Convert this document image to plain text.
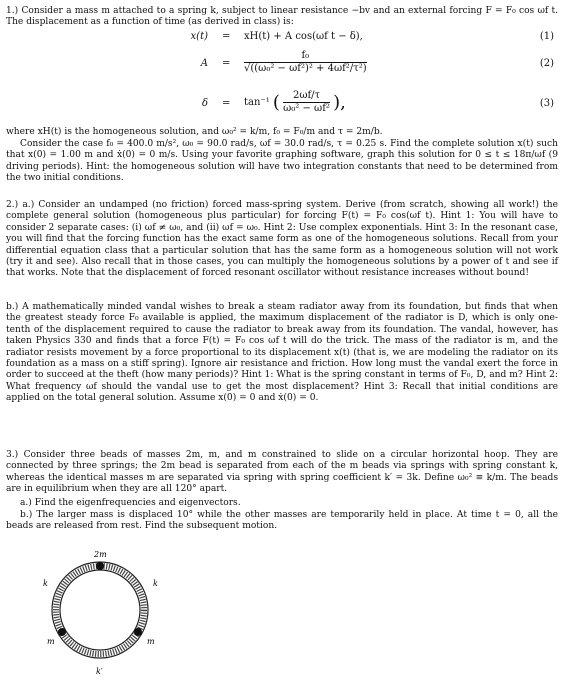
1.) Consider a mass m attached to a spring k, subject to linear resistance −bv and an external forcing F = F₀ cos ωf t. The displacement as a function of time (as derived in class) is:

x(t) = xH(t) + A cos(ωf t − δ),	(1)
$A = \frac{\text{f₀}}{\text{√((ω₀² − ωf²)² + 4ωf²/τ²)}}$	(2)
δ = tan⁻¹ ( $\frac{2\omega f/\tau}{\text{ω₀² − ωf²}}$ ),	(3)

where xH(t) is the homogeneous solution, and ω₀² = k/m, f₀ = F₀/m and τ = 2m/b.

Consider the case f₀ = 400.0 m/s², ω₀ = 90.0 rad/s, ωf = 30.0 rad/s, τ = 0.25 s. Find the complete solution x(t) such that x(0) = 1.00 m and ẋ(0) = 0 m/s. Using your favorite graphing software, graph this solution for 0 ≤ t ≤ 18π/ωf (9 driving periods). Hint: the homogeneous solution will have two integration constants that need to be determined from the two initial conditions.

2.) a.) Consider an undamped (no friction) forced mass-spring system. Derive (from scratch, showing all work!) the complete general solution (homogeneous plus particular) for forcing F(t) = F₀ cos(ωf t). Hint 1: You will have to consider 2 separate cases: (i) ωf ≠ ω₀, and (ii) ωf = ω₀. Hint 2: Use complex exponentials. Hint 3: In the resonant case, you will find that the forcing function has the exact same form as one of the homogeneous solutions. Recall from your differential equation class that a particular solution that has the same form as a homogeneous solution will not work (try it and see). Also recall that in those cases, you can multiply the homogeneous solutions by a power of t and see if that works. Note that the displacement of forced resonant oscillator without resistance increases without bound!

b.) A mathematically minded vandal wishes to break a steam radiator away from its foundation, but finds that when the greatest steady force F₀ available is applied, the maximum displacement of the radiator is D, which is only one-tenth of the displacement required to cause the radiator to break away from its foundation. The vandal, however, has taken Physics 330 and finds that a force F(t) = F₀ cos ωf t will do the trick. The mass of the radiator is m, and the radiator resists movement by a force proportional to its displacement x(t) (that is, we are modeling the radiator on its foundation as a mass on a stiff spring). Ignore air resistance and friction. How long must the vandal exert the force in order to succeed at the theft (how many periods)? Hint 1: What is the spring constant in terms of F₀, D, and m? Hint 2: What frequency ωf should the vandal use to get the most displacement? Hint 3: Recall that initial conditions are applied on the total general solution. Assume x(0) = 0 and ẋ(0) = 0.

3.) Consider three beads of masses 2m, m, and m constrained to slide on a circular horizontal hoop. They are connected by three springs; the 2m bead is separated from each of the m beads via springs with spring constant k, whereas the identical masses m are separated via spring with spring coefficient k′ = 3k. Define ω₀² ≡ k/m. The beads are in equilibrium when they are all 120° apart.

a.) Find the eigenfrequencies and eigenvectors.

b.) The larger mass is displaced 10° while the other masses are temporarily held in place. At time t = 0, all the beads are released from rest. Find the subsequent motion.

2m
k	k
m	m
k′
